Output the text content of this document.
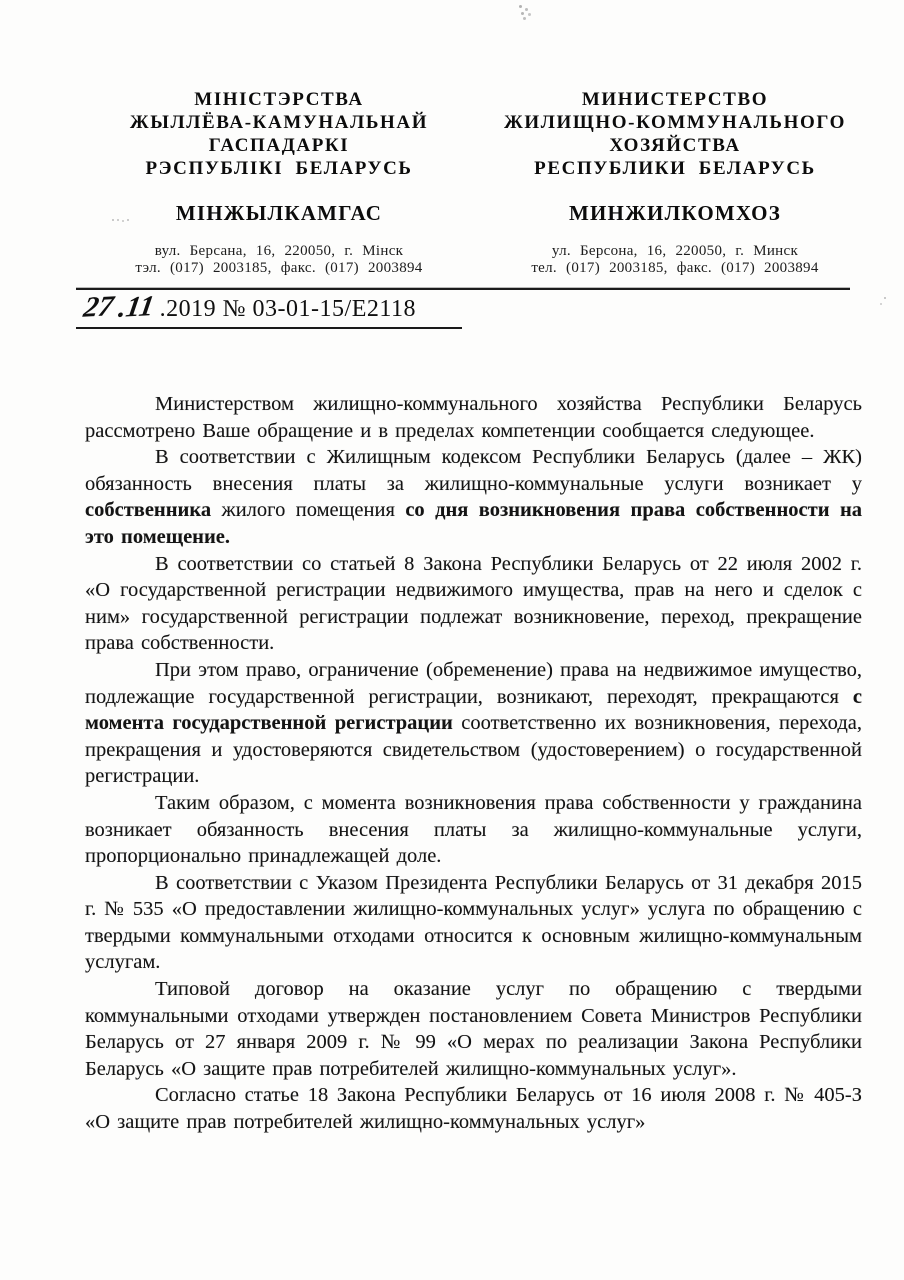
МІНІСТЭРСТВА
ЖЫЛЛЁВА-КАМУНАЛЬНАЙ
ГАСПАДАРКІ
РЭСПУБЛІКІ БЕЛАРУСЬ
МІНЖЫЛКАМГАС
вул. Берсана, 16, 220050, г. Мінск
тэл. (017) 2003185, факс. (017) 2003894
МИНИСТЕРСТВО
ЖИЛИЩНО-КОММУНАЛЬНОГО
ХОЗЯЙСТВА
РЕСПУБЛИКИ БЕЛАРУСЬ
МИНЖИЛКОМХОЗ
ул. Берсона, 16, 220050, г. Минск
тел. (017) 2003185, факс. (017) 2003894
27 .11 .2019 № 03-01-15/Е2118

Министерством жилищно-коммунального хозяйства Республики Беларусь рассмотрено Ваше обращение и в пределах компетенции сообщается следующее.

В соответствии с Жилищным кодексом Республики Беларусь (далее – ЖК) обязанность внесения платы за жилищно-коммунальные услуги возникает у собственника жилого помещения со дня возникновения права собственности на это помещение.

В соответствии со статьей 8 Закона Республики Беларусь от 22 июля 2002 г. «О государственной регистрации недвижимого имущества, прав на него и сделок с ним» государственной регистрации подлежат возникновение, переход, прекращение права собственности.

При этом право, ограничение (обременение) права на недвижимое имущество, подлежащие государственной регистрации, возникают, переходят, прекращаются с момента государственной регистрации соответственно их возникновения, перехода, прекращения и удостоверяются свидетельством (удостоверением) о государственной регистрации.

Таким образом, с момента возникновения права собственности у гражданина возникает обязанность внесения платы за жилищно-коммунальные услуги, пропорционально принадлежащей доле.

В соответствии с Указом Президента Республики Беларусь от 31 декабря 2015 г. № 535 «О предоставлении жилищно-коммунальных услуг» услуга по обращению с твердыми коммунальными отходами относится к основным жилищно-коммунальным услугам.

Типовой договор на оказание услуг по обращению с твердыми коммунальными отходами утвержден постановлением Совета Министров Республики Беларусь от 27 января 2009 г. № 99 «О мерах по реализации Закона Республики Беларусь «О защите прав потребителей жилищно-коммунальных услуг».

Согласно статье 18 Закона Республики Беларусь от 16 июля 2008 г. № 405-З «О защите прав потребителей жилищно-коммунальных услуг»
